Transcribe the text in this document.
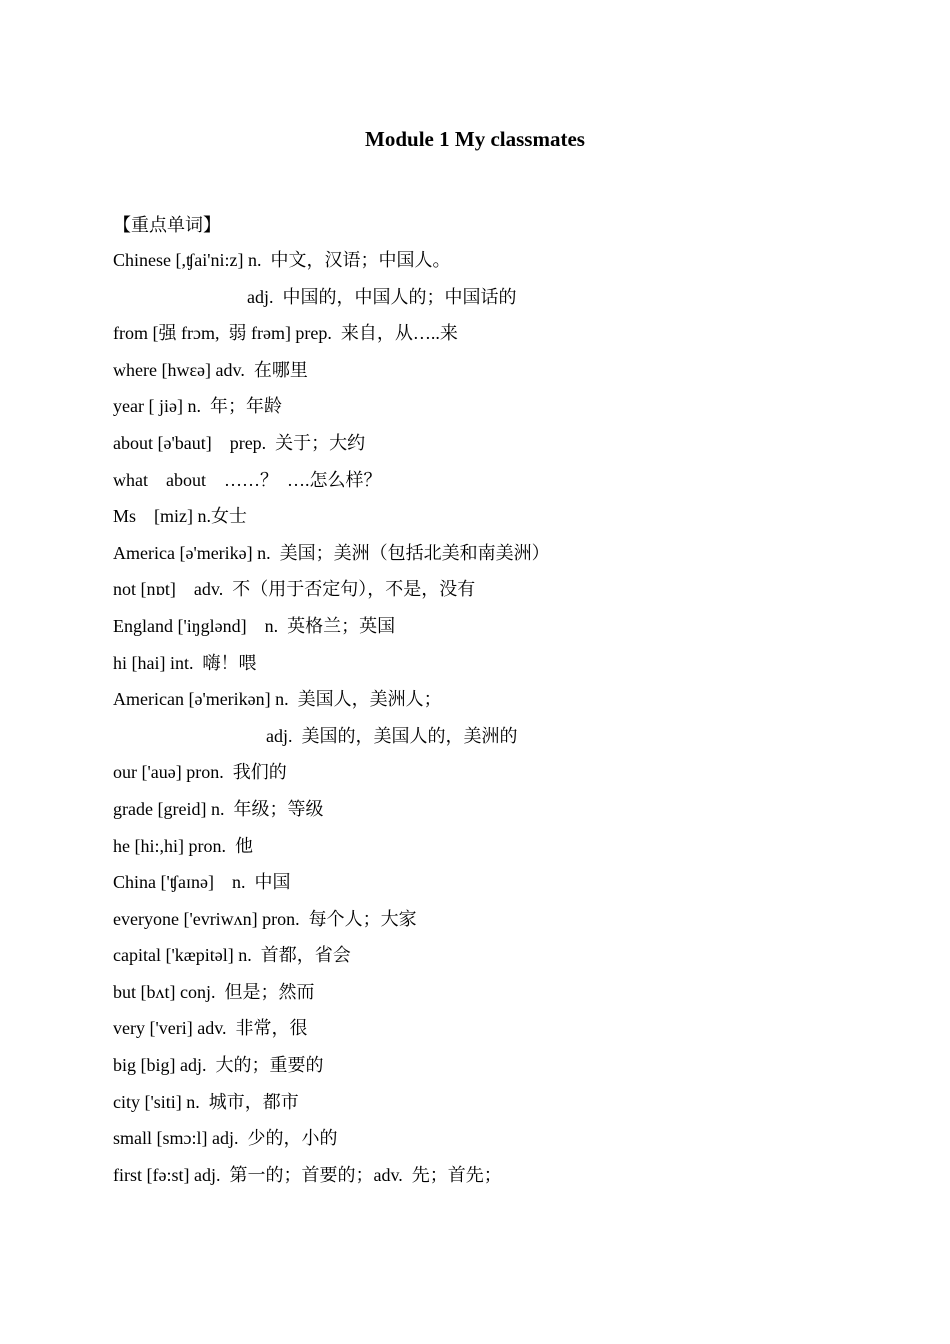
Module 1 My classmates
【重点单词】
Chinese [,ʧai'ni:z] n.  中文，汉语；中国人。
adj.  中国的，中国人的；中国话的
from [强 frɔm,  弱 frəm] prep.  来自，从…..来
where [hwεə] adv.  在哪里
year [ jiə] n.  年；年龄
about [ə'baut]    prep.  关于；大约
what    about    ……？  ….怎么样？
Ms    [miz] n.女士
America [ə'merikə] n.  美国；美洲（包括北美和南美洲）
not [nɒt]    adv.  不（用于否定句），不是，没有
England ['iŋglənd]    n.  英格兰；英国
hi [hai] int.  嗨！喂
American [ə'merikən] n.  美国人，美洲人；
adj.  美国的，美国人的，美洲的
our ['auə] pron.  我们的
grade [greid] n.  年级；等级
he [hi:,hi] pron.  他
China ['ʧaɪnə]    n.  中国
everyone ['evriwʌn] pron.  每个人；大家
capital ['kæpitəl] n.  首都，省会
but [bʌt] conj.  但是；然而
very ['veri] adv.  非常，很
big [big] adj.  大的；重要的
city ['siti] n.  城市，都市
small [smɔ:l] adj.  少的，小的
first [fə:st] adj.  第一的；首要的；adv.  先；首先；
